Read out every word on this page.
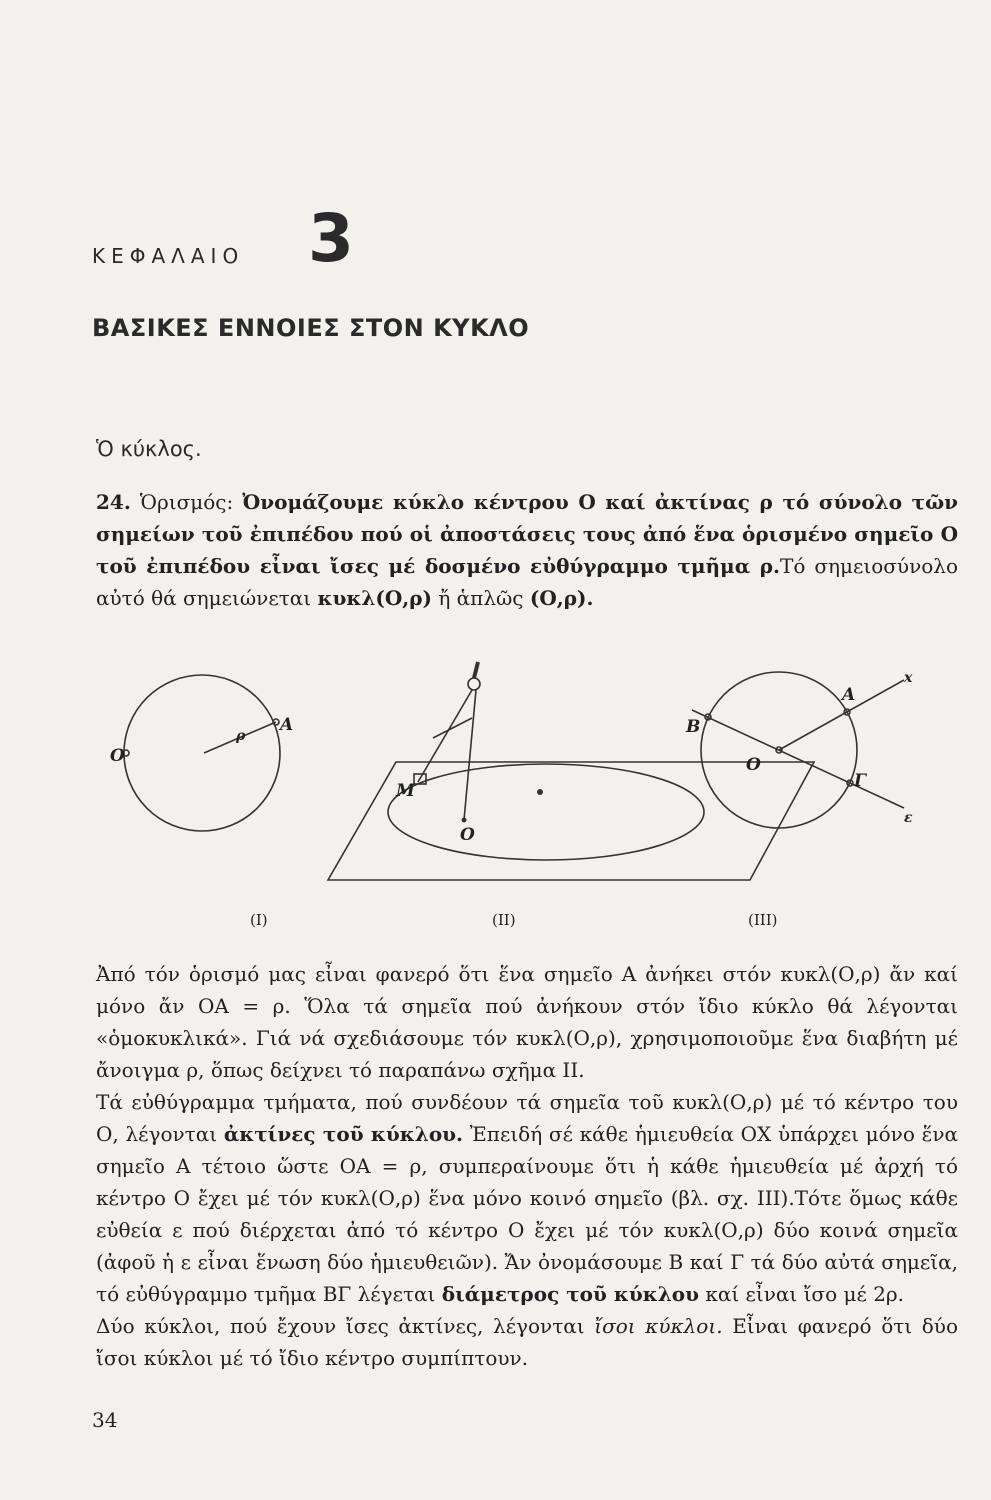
ΚΕΦΑΛΑΙΟ 3
ΒΑΣΙΚΕΣ ΕΝΝΟΙΕΣ ΣΤΟΝ ΚΥΚΛΟ
Ὁ κύκλος.
24. Ὁρισμός: Ὀνομάζουμε κύκλο κέντρου Ο καί ἀκτίνας ρ τό σύνολο τῶν σημείων τοῦ ἐπιπέδου πού οἱ ἀποστάσεις τους ἀπό ἕνα ὁρισμένο σημεῖο Ο τοῦ ἐπιπέδου εἶναι ἴσες μέ δοσμένο εὐθύγραμμο τμῆμα ρ.Τό σημειοσύνολο αὐτό θά σημειώνεται κυκλ(Ο,ρ) ἤ ἁπλῶς (Ο,ρ).
O
A
ρ
M
O
O
A
B
Γ
x
ε
(I)	(II)	(III)
Ἀπό τόν ὁρισμό μας εἶναι φανερό ὅτι ἕνα σημεῖο Α ἀνήκει στόν κυκλ(Ο,ρ) ἄν καί μόνο ἄν ΟΑ = ρ. Ὅλα τά σημεῖα πού ἀνήκουν στόν ἴδιο κύκλο θά λέγονται «ὁμοκυκλικά». Γιά νά σχεδιάσουμε τόν κυκλ(Ο,ρ), χρησιμοποιοῦμε ἕνα διαβήτη μέ ἄνοιγμα ρ, ὅπως δείχνει τό παραπάνω σχῆμα ΙΙ.
Τά εὐθύγραμμα τμήματα, πού συνδέουν τά σημεῖα τοῦ κυκλ(Ο,ρ) μέ τό κέντρο του Ο, λέγονται ἀκτίνες τοῦ κύκλου. Ἐπειδή σέ κάθε ἡμιευθεία ΟΧ ὑπάρχει μόνο ἕνα σημεῖο Α τέτοιο ὥστε ΟΑ = ρ, συμπεραίνουμε ὅτι ἡ κάθε ἡμιευθεία μέ ἀρχή τό κέντρο Ο ἔχει μέ τόν κυκλ(Ο,ρ) ἕνα μόνο κοινό σημεῖο (βλ. σχ. ΙΙΙ).Τότε ὅμως κάθε εὐθεία ε πού διέρχεται ἀπό τό κέντρο Ο ἔχει μέ τόν κυκλ(Ο,ρ) δύο κοινά σημεῖα (ἀφοῦ ἡ ε εἶναι ἕνωση δύο ἡμιευθειῶν). Ἄν ὀνομάσουμε Β καί Γ τά δύο αὐτά σημεῖα, τό εὐθύγραμμο τμῆμα ΒΓ λέγεται διάμετρος τοῦ κύκλου καί εἶναι ἴσο μέ 2ρ.
Δύο κύκλοι, πού ἔχουν ἴσες ἀκτίνες, λέγονται ἴσοι κύκλοι. Εἶναι φανερό ὅτι δύο ἴσοι κύκλοι μέ τό ἴδιο κέντρο συμπίπτουν.
34
